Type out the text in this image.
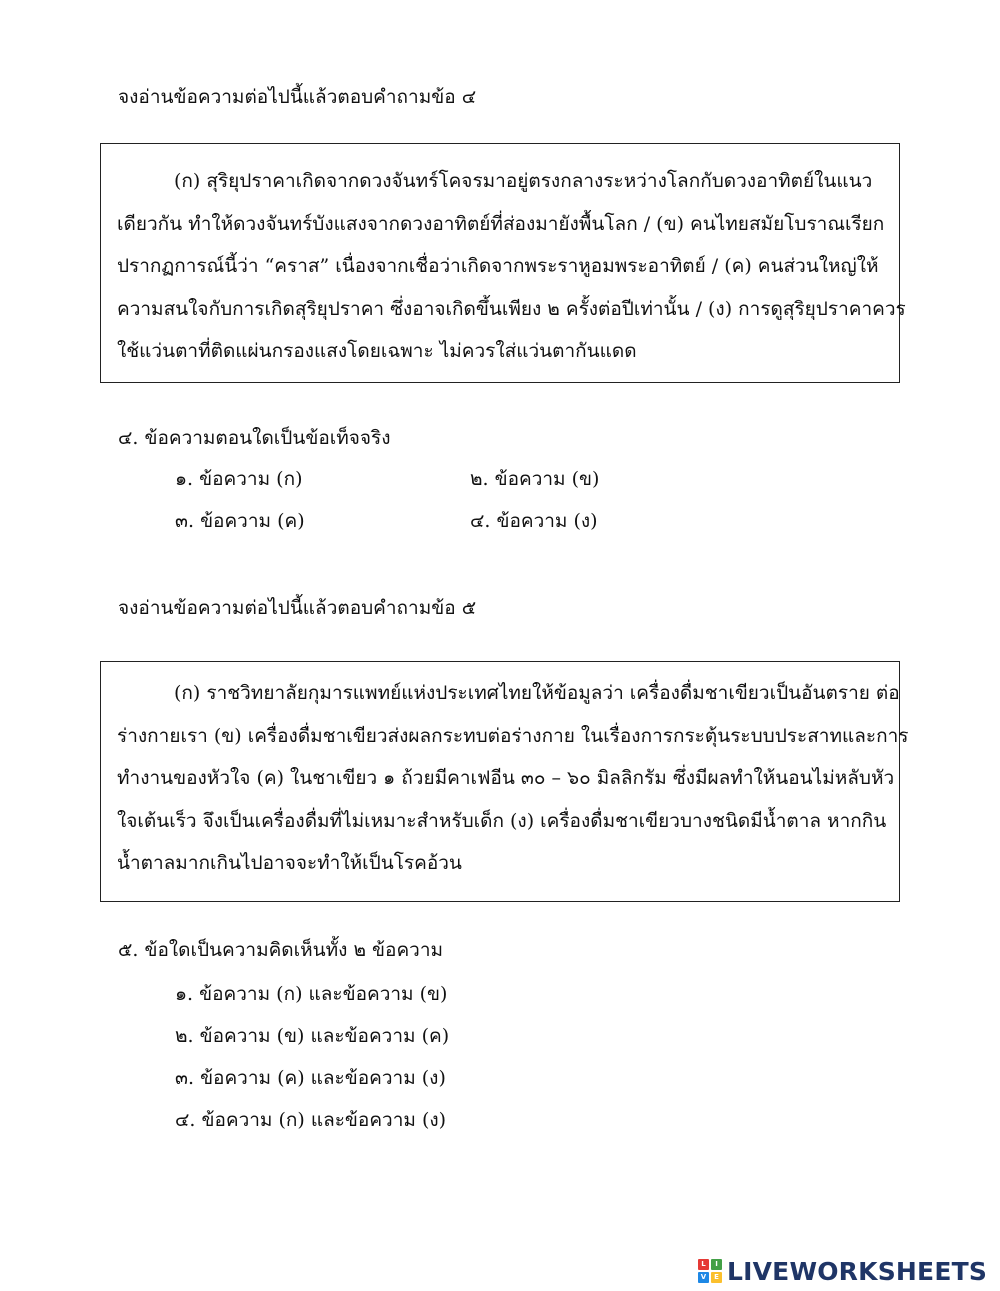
จงอ่านข้อความต่อไปนี้แล้วตอบคำถามข้อ ๔
(ก) สุริยุปราคาเกิดจากดวงจันทร์โคจรมาอยู่ตรงกลางระหว่างโลกกับดวงอาทิตย์ในแนว
เดียวกัน ทำให้ดวงจันทร์บังแสงจากดวงอาทิตย์ที่ส่องมายังพื้นโลก / (ข) คนไทยสมัยโบราณเรียก
ปรากฏการณ์นี้ว่า “คราส” เนื่องจากเชื่อว่าเกิดจากพระราหูอมพระอาทิตย์ / (ค) คนส่วนใหญ่ให้
ความสนใจกับการเกิดสุริยุปราคา ซึ่งอาจเกิดขึ้นเพียง ๒ ครั้งต่อปีเท่านั้น / (ง) การดูสุริยุปราคาควร
ใช้แว่นตาที่ติดแผ่นกรองแสงโดยเฉพาะ ไม่ควรใส่แว่นตากันแดด
๔. ข้อความตอนใดเป็นข้อเท็จจริง
๑. ข้อความ (ก)	๒. ข้อความ (ข)
๓. ข้อความ (ค)	๔. ข้อความ (ง)
จงอ่านข้อความต่อไปนี้แล้วตอบคำถามข้อ ๕
(ก) ราชวิทยาลัยกุมารแพทย์แห่งประเทศไทยให้ข้อมูลว่า เครื่องดื่มชาเขียวเป็นอันตราย ต่อ
ร่างกายเรา (ข) เครื่องดื่มชาเขียวส่งผลกระทบต่อร่างกาย ในเรื่องการกระตุ้นระบบประสาทและการ
ทำงานของหัวใจ (ค) ในชาเขียว ๑ ถ้วยมีคาเฟอีน ๓๐ – ๖๐ มิลลิกรัม ซึ่งมีผลทำให้นอนไม่หลับหัว
ใจเต้นเร็ว จึงเป็นเครื่องดื่มที่ไม่เหมาะสำหรับเด็ก (ง) เครื่องดื่มชาเขียวบางชนิดมีน้ำตาล หากกิน
น้ำตาลมากเกินไปอาจจะทำให้เป็นโรคอ้วน
๕. ข้อใดเป็นความคิดเห็นทั้ง ๒ ข้อความ
๑. ข้อความ (ก) และข้อความ (ข)
๒. ข้อความ (ข) และข้อความ (ค)
๓. ข้อความ (ค) และข้อความ (ง)
๔. ข้อความ (ก) และข้อความ (ง)
L	I
V	E LIVEWORKSHEETS
